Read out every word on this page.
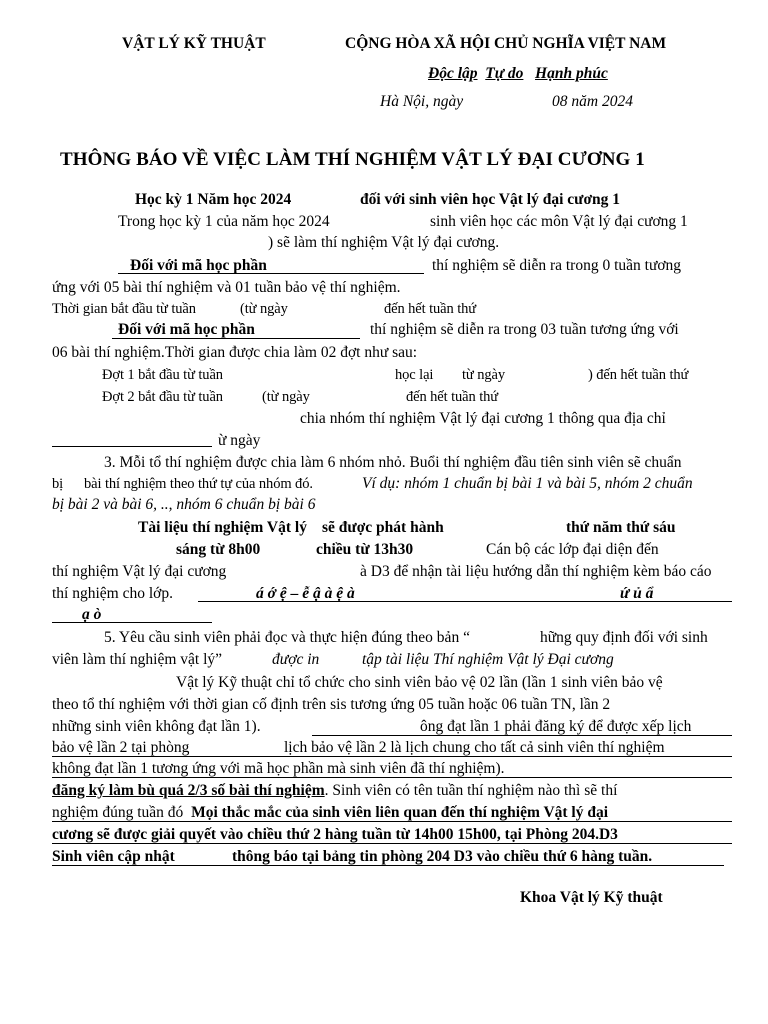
VẬT LÝ KỸ THUẬT	CỘNG HÒA XÃ HỘI CHỦ NGHĨA VIỆT NAM
Độc lập Tự do Hạnh phúc
Hà Nội, ngày	08 năm 2024
THÔNG BÁO VỀ VIỆC LÀM THÍ NGHIỆM VẬT LÝ ĐẠI CƯƠNG 1
Học kỳ 1 Năm học 2024	đối với sinh viên học Vật lý đại cương 1
Trong học kỳ 1 của năm học 2024	sinh viên học các môn Vật lý đại cương 1
) sẽ làm thí nghiệm Vật lý đại cương.
Đối với mã học phần	thí nghiệm sẽ diễn ra trong 0 tuần tương
ứng với 05 bài thí nghiệm và 01 tuần bảo vệ thí nghiệm.
Thời gian bắt đầu từ tuần	(từ ngày	đến hết tuần thứ
Đối với mã học phần	thí nghiệm sẽ diễn ra trong 03 tuần tương ứng với
06 bài thí nghiệm.Thời gian được chia làm 02 đợt như sau:
Đợt 1 bắt đầu từ tuần	học lại từ ngày	) đến hết tuần thứ
Đợt 2 bắt đầu từ tuần	(từ ngày	đến hết tuần thứ
chia nhóm thí nghiệm Vật lý đại cương 1 thông qua địa chỉ
ừ ngày
3. Mỗi tổ thí nghiệm được chia làm 6 nhóm nhỏ. Buổi thí nghiệm đầu tiên sinh viên sẽ chuẩn
bị bài thí nghiệm theo thứ tự của nhóm đó.	Ví dụ: nhóm 1 chuẩn bị bài 1 và bài 5, nhóm 2 chuẩn
bị bài 2 và bài 6, .., nhóm 6 chuẩn bị bài 6
Tài liệu thí nghiệm Vật lý sẽ được phát hành	thứ năm thứ sáu
sáng từ 8h00	chiều từ 13h30	Cán bộ các lớp đại diện đến
thí nghiệm Vật lý đại cương	à D3 để nhận tài liệu hướng dẫn thí nghiệm kèm báo cáo
thí nghiệm cho lớp.	á ớ ệ – ễ ậ à ệ à	ứ ủ ẩ
ạ ò
5. Yêu cầu sinh viên phải đọc và thực hiện đúng theo bản “	hững quy định đối với sinh
viên làm thí nghiệm vật lý”	được in	tập tài liệu Thí nghiệm Vật lý Đại cương
Vật lý Kỹ thuật chỉ tổ chức cho sinh viên bảo vệ 02 lần (lần 1 sinh viên bảo vệ
theo tổ thí nghiệm với thời gian cố định trên sis tương ứng 05 tuần hoặc 06 tuần TN, lần 2
những sinh viên không đạt lần 1).	ông đạt lần 1 phải đăng ký để được xếp lịch
bảo vệ lần 2 tại phòng	lịch bảo vệ lần 2 là lịch chung cho tất cả sinh viên thí nghiệm
không đạt lần 1 tương ứng với mã học phần mà sinh viên đã thí nghiệm).
đăng ký làm bù quá 2/3 số bài thí nghiệm. Sinh viên có tên tuần thí nghiệm nào thì sẽ thí
nghiệm đúng tuần đó Mọi thắc mắc của sinh viên liên quan đến thí nghiệm Vật lý đại
cương sẽ được giải quyết vào chiều thứ 2 hàng tuần từ 14h00 15h00, tại Phòng 204.D3
Sinh viên cập nhật	thông báo tại bảng tin phòng 204 D3 vào chiều thứ 6 hàng tuần.
Khoa Vật lý Kỹ thuật
